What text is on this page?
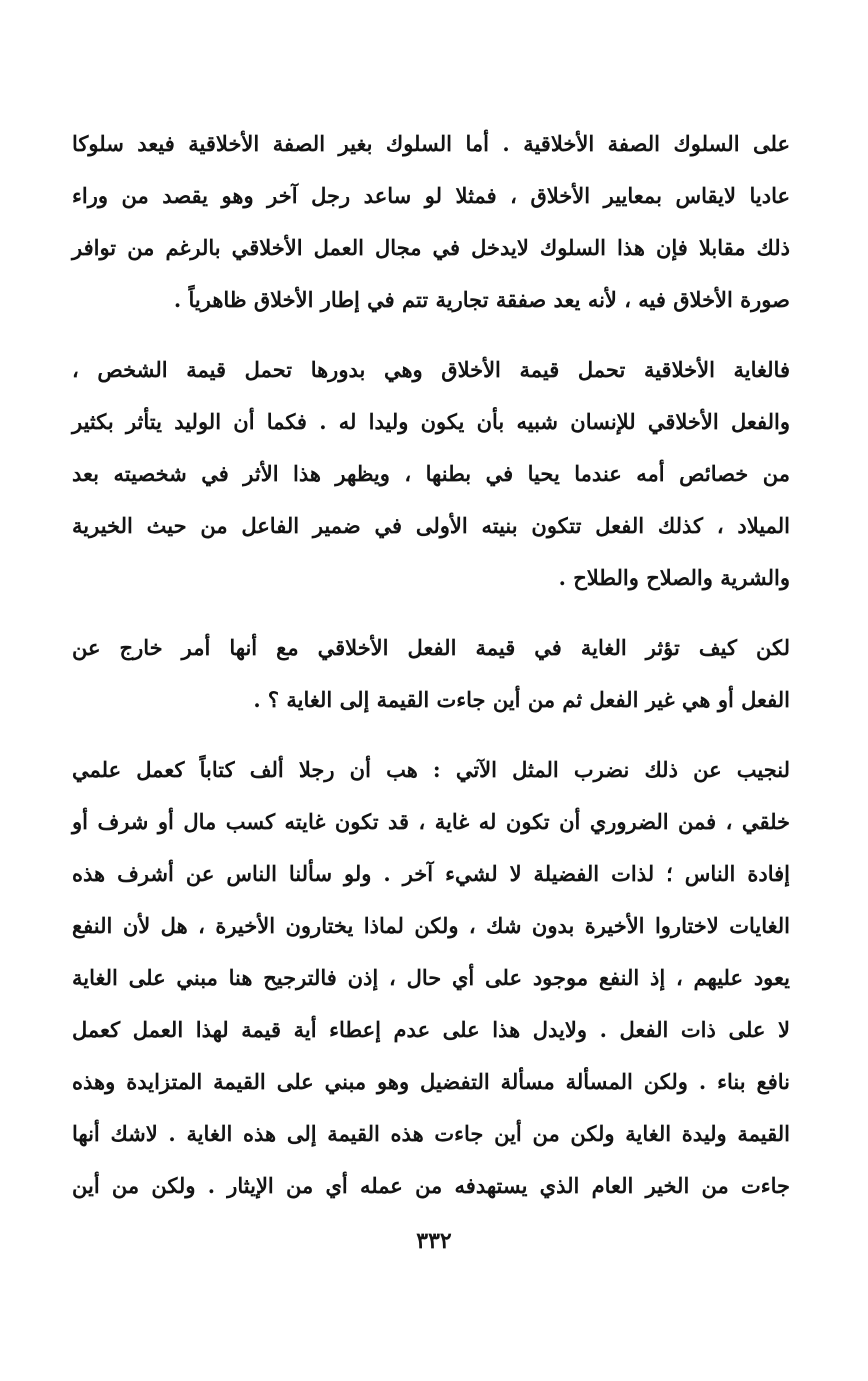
على السلوك الصفة الأخلاقية . أما السلوك بغير الصفة الأخلاقية فيعد سلوكا
عاديا لايقاس بمعايير الأخلاق ، فمثلا لو ساعد رجل آخر وهو يقصد من وراء
ذلك مقابلا فإن هذا السلوك لايدخل في مجال العمل الأخلاقي بالرغم من توافر
صورة الأخلاق فيه ، لأنه يعد صفقة تجارية تتم في إطار الأخلاق ظاهرياً .
فالغاية الأخلاقية تحمل قيمة الأخلاق وهي بدورها تحمل قيمة الشخص ،
والفعل الأخلاقي للإنسان شبيه بأن يكون وليدا له . فكما أن الوليد يتأثر بكثير
من خصائص أمه عندما يحيا في بطنها ، ويظهر هذا الأثر في شخصيته بعد
الميلاد ، كذلك الفعل تتكون بنيته الأولى في ضمير الفاعل من حيث الخيرية
والشرية والصلاح والطلاح .
لكن كيف تؤثر الغاية في قيمة الفعل الأخلاقي مع أنها أمر خارج عن
الفعل أو هي غير الفعل ثم من أين جاءت القيمة إلى الغاية ؟ .
لنجيب عن ذلك نضرب المثل الآتي : هب أن رجلا ألف كتاباً كعمل علمي
خلقي ، فمن الضروري أن تكون له غاية ، قد تكون غايته كسب مال أو شرف أو
إفادة الناس ؛ لذات الفضيلة لا لشيء آخر . ولو سألنا الناس عن أشرف هذه
الغايات لاختاروا الأخيرة بدون شك ، ولكن لماذا يختارون الأخيرة ، هل لأن النفع
يعود عليهم ، إذ النفع موجود على أي حال ، إذن فالترجيح هنا مبني على الغاية
لا على ذات الفعل . ولايدل هذا على عدم إعطاء أية قيمة لهذا العمل كعمل
نافع بناء . ولكن المسألة مسألة التفضيل وهو مبني على القيمة المتزايدة وهذه
القيمة وليدة الغاية ولكن من أين جاءت هذه القيمة إلى هذه الغاية . لاشك أنها
جاءت من الخير العام الذي يستهدفه من عمله أي من الإيثار . ولكن من أين
٣٣٢
